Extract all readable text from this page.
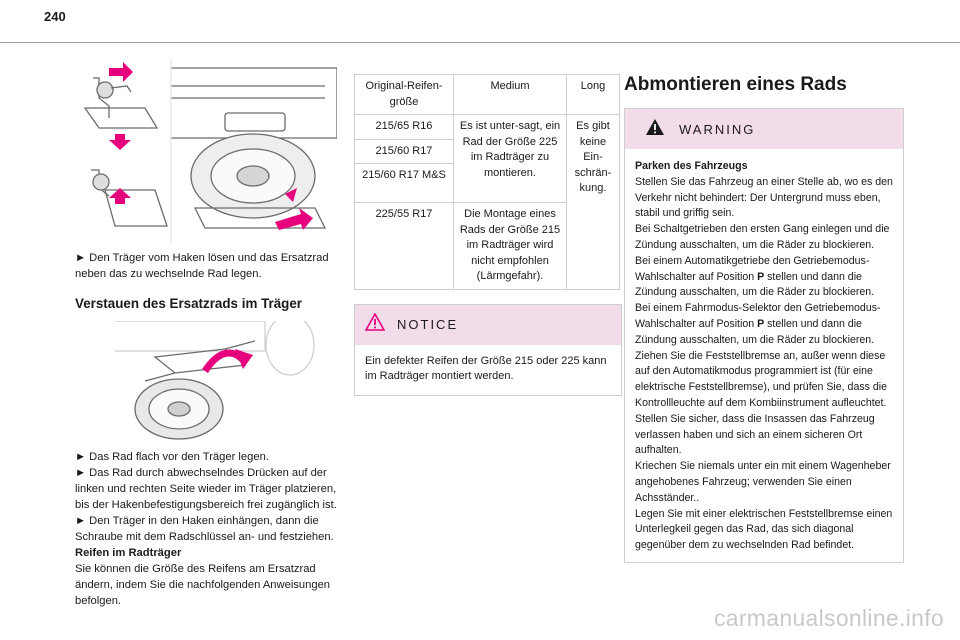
240
► Den Träger vom Haken lösen und das Ersatzrad neben das zu wechselnde Rad legen.
Verstauen des Ersatzrads im Träger
► Das Rad flach vor den Träger legen.
► Das Rad durch abwechselndes Drücken auf der linken und rechten Seite wieder im Träger platzieren, bis der Hakenbefestigungsbereich frei zugänglich ist.
► Den Träger in den Haken einhängen, dann die Schraube mit dem Radschlüssel an- und festziehen.
Reifen im Radträger
Sie können die Größe des Reifens am Ersatzrad ändern, indem Sie die nachfolgenden Anweisungen befolgen.
Original-Reifen-größe	Medium	Long
215/65 R16	Es ist unter-sagt, ein Rad der Größe 225 im Radträger zu montieren.	Es gibt keine Ein-schrän-kung.
215/60 R17		
215/60 R17 M&S		
225/55 R17	Die Montage eines Rads der Größe 215 im Radträger wird nicht empfohlen (Lärmgefahr).	
NOTICE
Ein defekter Reifen der Größe 215 oder 225 kann im Radträger montiert werden.
Abmontieren eines Rads
WARNING
Parken des Fahrzeugs
Stellen Sie das Fahrzeug an einer Stelle ab, wo es den Verkehr nicht behindert: Der Untergrund muss eben, stabil und griffig sein.
Bei Schaltgetrieben den ersten Gang einlegen und die Zündung ausschalten, um die Räder zu blockieren.
Bei einem Automatikgetriebe den Getriebemodus-Wahlschalter auf Position P stellen und dann die Zündung ausschalten, um die Räder zu blockieren.
Bei einem Fahrmodus-Selektor den Getriebemodus-Wahlschalter auf Position P stellen und dann die Zündung ausschalten, um die Räder zu blockieren.
Ziehen Sie die Feststellbremse an, außer wenn diese auf den Automatikmodus programmiert ist (für eine elektrische Feststellbremse), und prüfen Sie, dass die Kontrollleuchte auf dem Kombiinstrument aufleuchtet.
Stellen Sie sicher, dass die Insassen das Fahrzeug verlassen haben und sich an einem sicheren Ort aufhalten.
Kriechen Sie niemals unter ein mit einem Wagenheber angehobenes Fahrzeug; verwenden Sie einen Achsständer..
Legen Sie mit einer elektrischen Feststellbremse einen Unterlegkeil gegen das Rad, das sich diagonal gegenüber dem zu wechselnden Rad befindet.
carmanualsonline.info
